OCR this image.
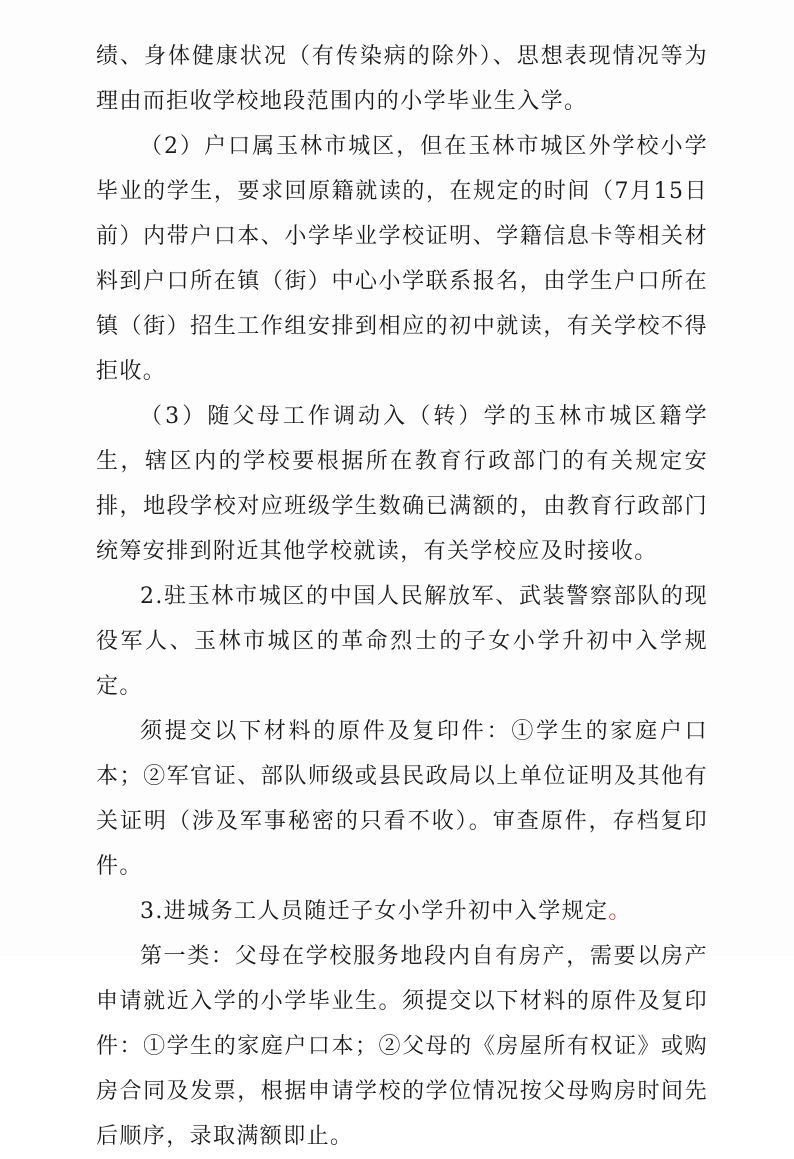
绩、身体健康状况（有传染病的除外）、思想表现情况等为理由而拒收学校地段范围内的小学毕业生入学。

（2）户口属玉林市城区，但在玉林市城区外学校小学毕业的学生，要求回原籍就读的，在规定的时间（7月15日前）内带户口本、小学毕业学校证明、学籍信息卡等相关材料到户口所在镇（街）中心小学联系报名，由学生户口所在镇（街）招生工作组安排到相应的初中就读，有关学校不得拒收。

（3）随父母工作调动入（转）学的玉林市城区籍学生，辖区内的学校要根据所在教育行政部门的有关规定安排，地段学校对应班级学生数确已满额的，由教育行政部门统筹安排到附近其他学校就读，有关学校应及时接收。

2.驻玉林市城区的中国人民解放军、武装警察部队的现役军人、玉林市城区的革命烈士的子女小学升初中入学规定。

须提交以下材料的原件及复印件：①学生的家庭户口本；②军官证、部队师级或县民政局以上单位证明及其他有关证明（涉及军事秘密的只看不收）。审查原件，存档复印件。

3.进城务工人员随迁子女小学升初中入学规定。

第一类：父母在学校服务地段内自有房产，需要以房产申请就近入学的小学毕业生。须提交以下材料的原件及复印件：①学生的家庭户口本；②父母的《房屋所有权证》或购房合同及发票，根据申请学校的学位情况按父母购房时间先后顺序，录取满额即止。
